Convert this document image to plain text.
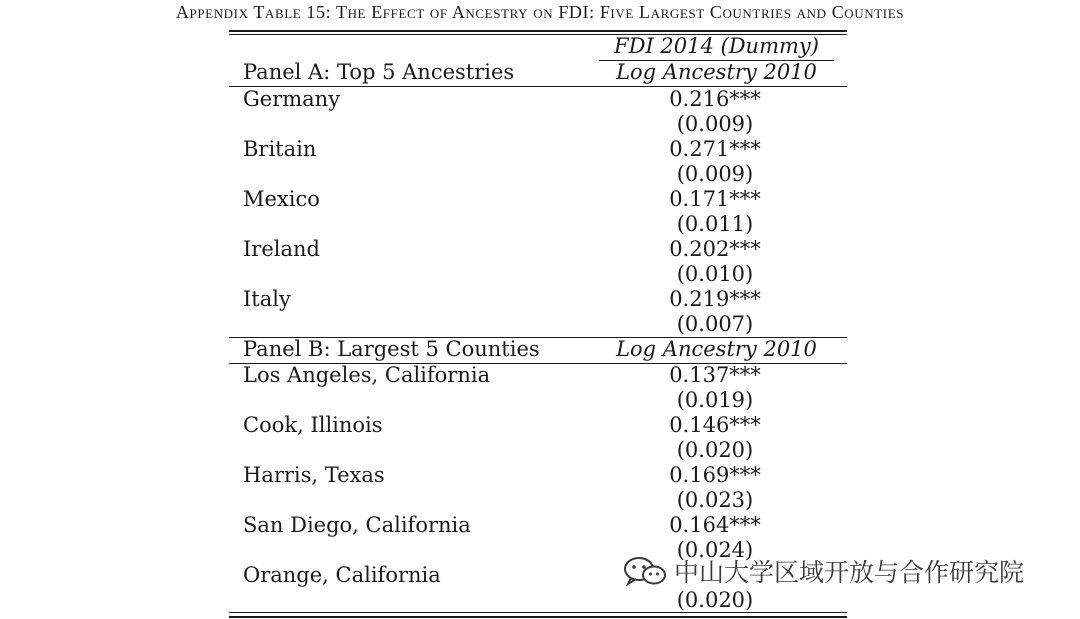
Appendix Table 15: The Effect of Ancestry on FDI: Five Largest Countries and Counties
FDI 2014 (Dummy)
Panel A: Top 5 Ancestries	Log Ancestry 2010
Germany	0.216***
(0.009)
Britain	0.271***
(0.009)
Mexico	0.171***
(0.011)
Ireland	0.202***
(0.010)
Italy	0.219***
(0.007)
Panel B: Largest 5 Counties	Log Ancestry 2010
Los Angeles, California	0.137***
(0.019)
Cook, Illinois	0.146***
(0.020)
Harris, Texas	0.169***
(0.023)
San Diego, California	0.164***
(0.024)
Orange, California
(0.020)
中山大学区域开放与合作研究院
